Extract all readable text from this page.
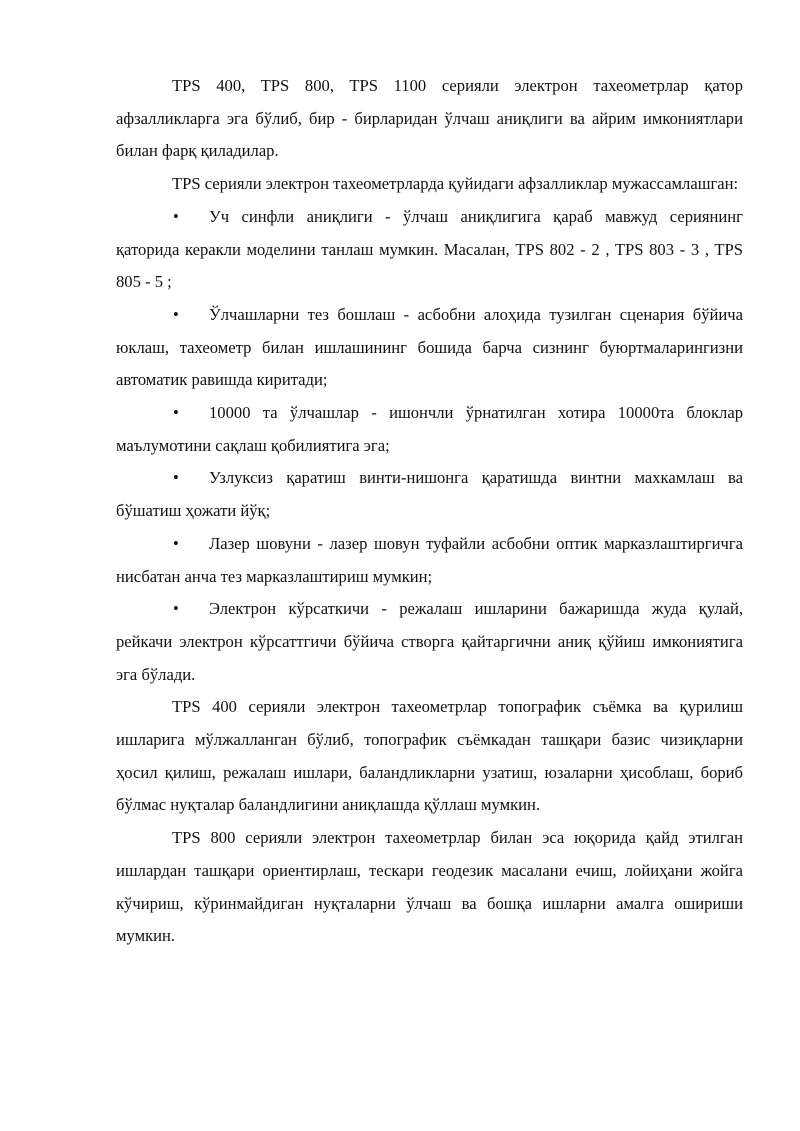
TPS 400, TPS 800, TPS 1100 серияли электрон тахеометрлар қатор афзалликларга эга бўлиб, бир - бирларидан ўлчаш аниқлиги ва айрим имкониятлари билан фарқ қиладилар.

TPS серияли электрон тахеометрларда қуйидаги афзалликлар мужассамлашган:

• Уч синфли аниқлиги - ўлчаш аниқлигига қараб мавжуд сериянинг қаторида керакли моделини танлаш мумкин. Масалан, TPS 802 - 2 , TPS 803 - 3 , TPS 805 - 5 ;

• Ўлчашларни тез бошлаш - асбобни алоҳида тузилган сценария бўйича юклаш, тахеометр билан ишлашининг бошида барча сизнинг буюртмаларингизни автоматик равишда киритади;

• 10000 та ўлчашлар - ишончли ўрнатилган хотира 10000та блоклар маълумотини сақлаш қобилиятига эга;

• Узлуксиз қаратиш винти-нишонга қаратишда винтни махкамлаш ва бўшатиш ҳожати йўқ;

• Лазер шовуни - лазер шовун туфайли асбобни оптик марказлаштиргичга нисбатан анча тез марказлаштириш мумкин;

• Электрон кўрсаткичи - режалаш ишларини бажаришда жуда қулай, рейкачи электрон кўрсаттгичи бўйича створга қайтаргични аниқ қўйиш имкониятига эга бўлади.

TPS 400 серияли электрон тахеометрлар топографик съёмка ва қурилиш ишларига мўлжалланган бўлиб, топографик съёмкадан ташқари базис чизиқларни ҳосил қилиш, режалаш ишлари, баландликларни узатиш, юзаларни ҳисоблаш, бориб бўлмас нуқталар баландлигини аниқлашда қўллаш мумкин.

TPS 800 серияли электрон тахеометрлар билан эса юқорида қайд этилган ишлардан ташқари ориентирлаш, тескари геодезик масалани ечиш, лойиҳани жойга кўчириш, кўринмайдиган нуқталарни ўлчаш ва бошқа ишларни амалга ошириши мумкин.
